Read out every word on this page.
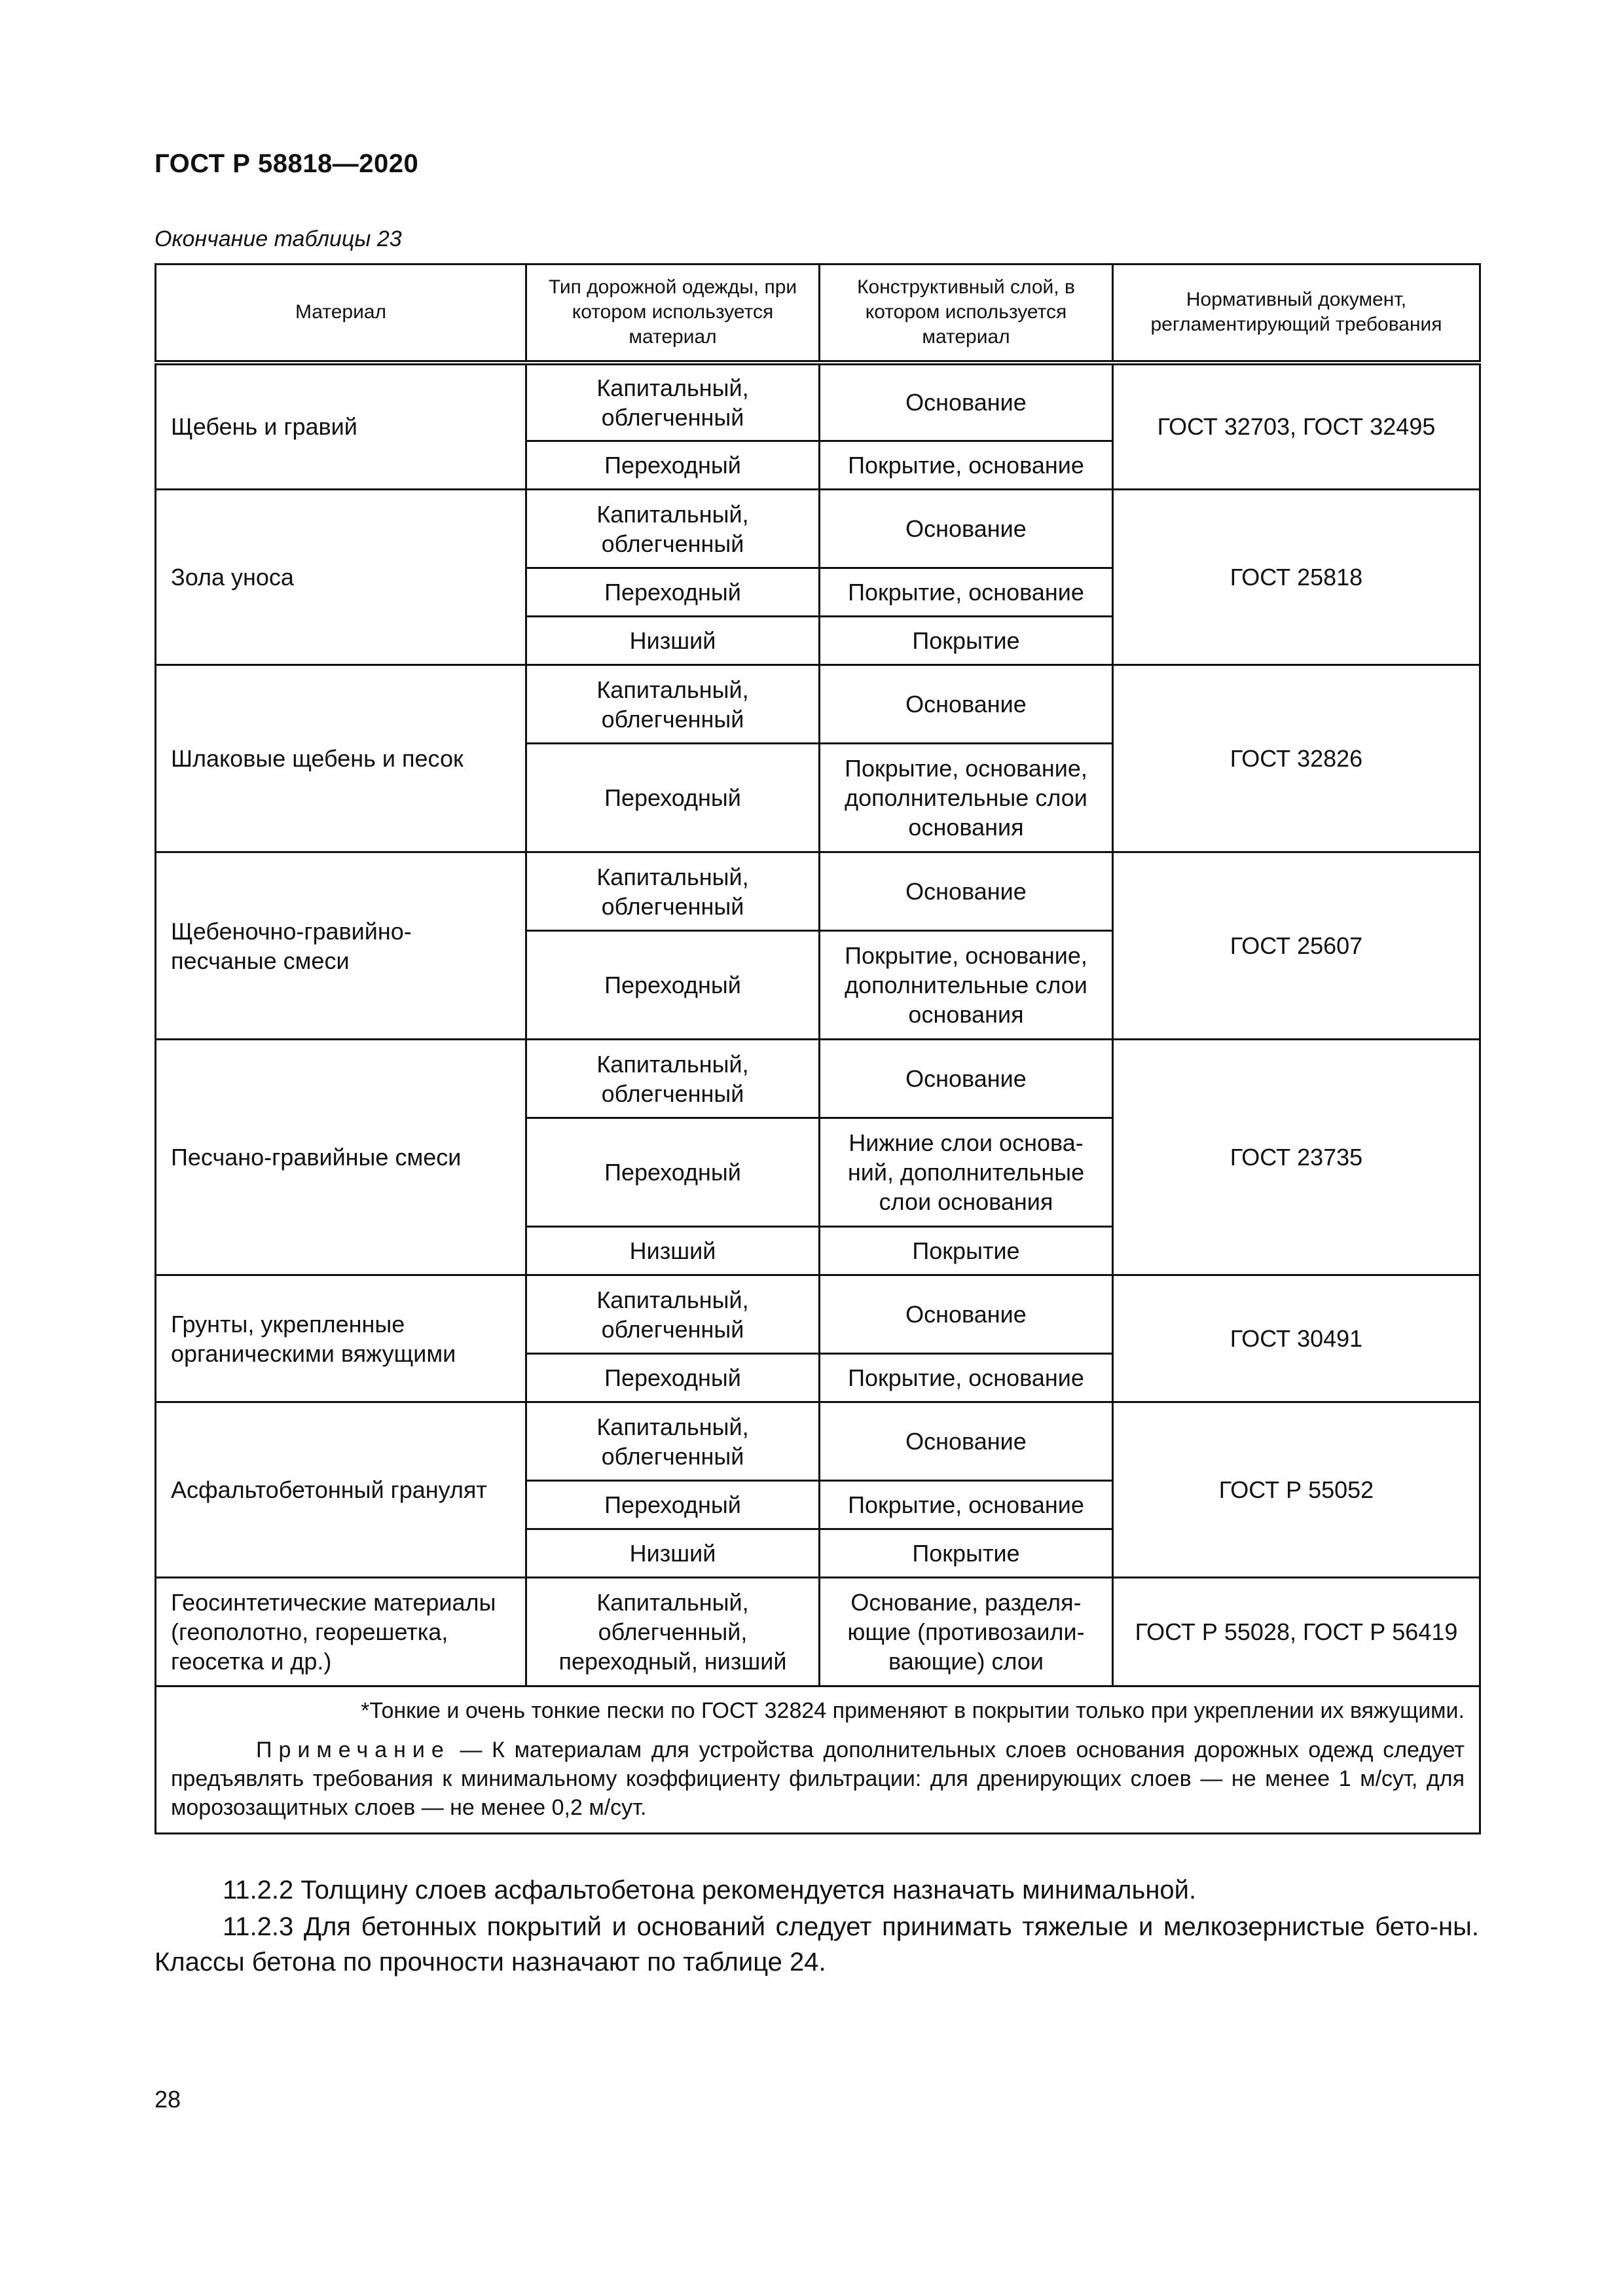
ГОСТ Р 58818—2020
Окончание таблицы 23
Материал	Тип дорожной одежды, при котором используется материал	Конструктивный слой, в котором используется материал	Нормативный документ, регламентирующий требования
Щебень и гравий	Капитальный, облегченный	Основание	ГОСТ 32703, ГОСТ 32495
	Переходный	Покрытие, основание	
Зола уноса	Капитальный, облегченный	Основание	ГОСТ 25818
	Переходный	Покрытие, основание	
	Низший	Покрытие	
Шлаковые щебень и песок	Капитальный, облегченный	Основание	ГОСТ 32826
	Переходный	Покрытие, основание, дополнительные слои основания	
Щебеночно-гравийно-песчаные смеси	Капитальный, облегченный	Основание	ГОСТ 25607
	Переходный	Покрытие, основание, дополнительные слои основания	
Песчано-гравийные смеси	Капитальный, облегченный	Основание	ГОСТ 23735
	Переходный	Нижние слои основа-ний, дополнительные слои основания	
	Низший	Покрытие	
Грунты, укрепленные органическими вяжущими	Капитальный, облегченный	Основание	ГОСТ 30491
	Переходный	Покрытие, основание	
Асфальтобетонный гранулят	Капитальный, облегченный	Основание	ГОСТ Р 55052
	Переходный	Покрытие, основание	
	Низший	Покрытие	
Геосинтетические материалы (геополотно, георешетка, геосетка и др.)	Капитальный, облегченный, переходный, низший	Основание, разделя-ющие (противозаили-вающие) слои	ГОСТ Р 55028, ГОСТ Р 56419

*Тонкие и очень тонкие пески по ГОСТ 32824 применяют в покрытии только при укреплении их вяжущими.
Примечание — К материалам для устройства дополнительных слоев основания дорожных одежд следует предъявлять требования к минимальному коэффициенту фильтрации: для дренирующих слоев — не менее 1 м/сут, для морозозащитных слоев — не менее 0,2 м/сут.			

11.2.2 Толщину слоев асфальтобетона рекомендуется назначать минимальной.

11.2.3 Для бетонных покрытий и оснований следует принимать тяжелые и мелкозернистые бето-ны. Классы бетона по прочности назначают по таблице 24.

28
